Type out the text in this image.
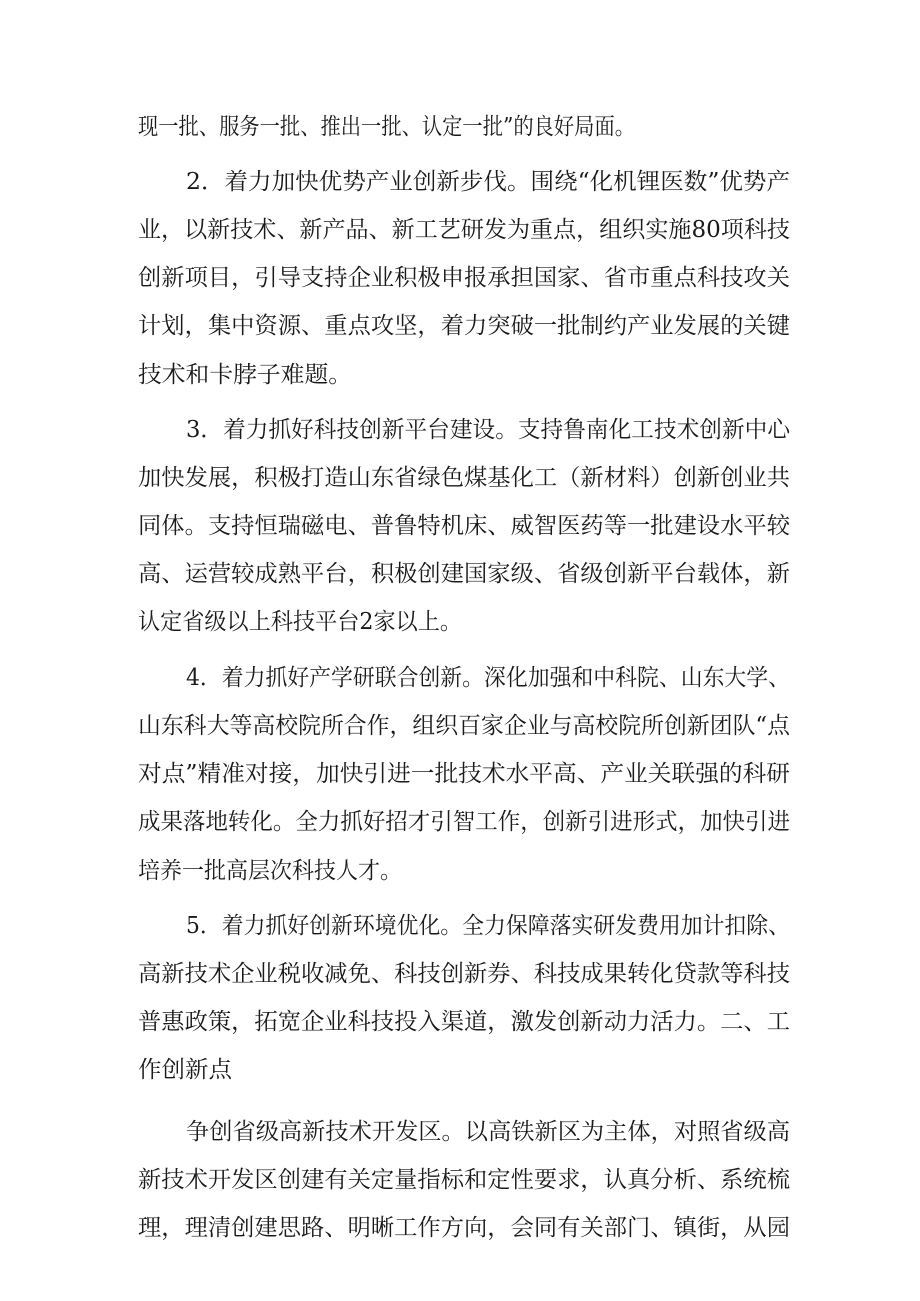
现一批、服务一批、推出一批、认定一批”的良好局面。
2．着力加快优势产业创新步伐。围绕“化机锂医数”优势产
业，以新技术、新产品、新工艺研发为重点，组织实施80项科技
创新项目，引导支持企业积极申报承担国家、省市重点科技攻关
计划，集中资源、重点攻坚，着力突破一批制约产业发展的关键
技术和卡脖子难题。
3．着力抓好科技创新平台建设。支持鲁南化工技术创新中心
加快发展，积极打造山东省绿色煤基化工（新材料）创新创业共
同体。支持恒瑞磁电、普鲁特机床、威智医药等一批建设水平较
高、运营较成熟平台，积极创建国家级、省级创新平台载体，新
认定省级以上科技平台2家以上。
4．着力抓好产学研联合创新。深化加强和中科院、山东大学、
山东科大等高校院所合作，组织百家企业与高校院所创新团队“点
对点”精准对接，加快引进一批技术水平高、产业关联强的科研
成果落地转化。全力抓好招才引智工作，创新引进形式，加快引进
培养一批高层次科技人才。
5．着力抓好创新环境优化。全力保障落实研发费用加计扣除、
高新技术企业税收减免、科技创新券、科技成果转化贷款等科技
普惠政策，拓宽企业科技投入渠道，激发创新动力活力。二、工
作创新点
争创省级高新技术开发区。以高铁新区为主体，对照省级高
新技术开发区创建有关定量指标和定性要求，认真分析、系统梳
理，理清创建思路、明晰工作方向，会同有关部门、镇街，从园
